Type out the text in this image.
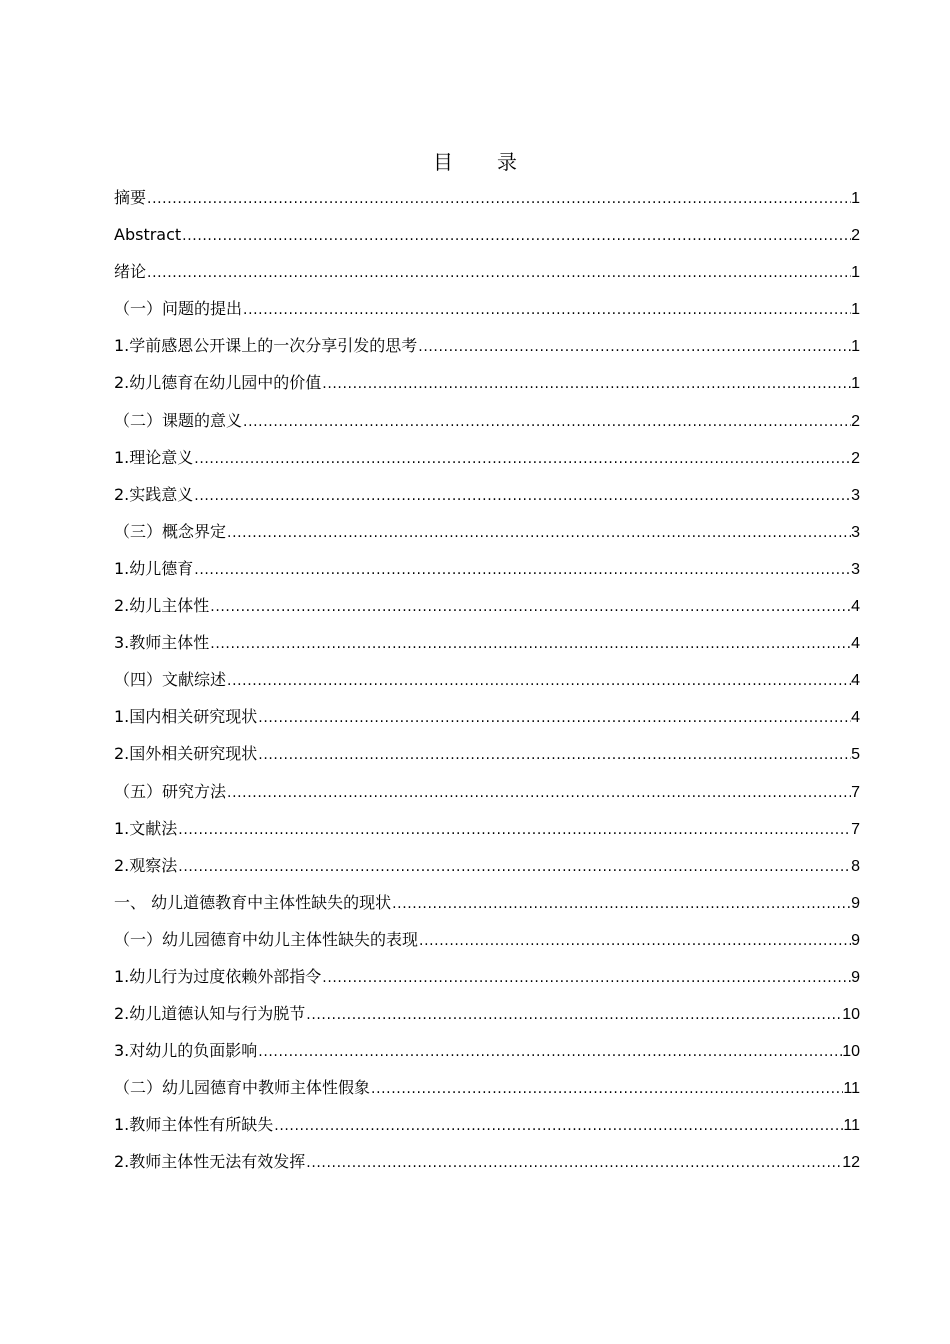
目录
摘要 .....	1
Abstract .....	2
绪论 .....	1
（一）问题的提出 .....	1
1.学前感恩公开课上的一次分享引发的思考 .....	1
2.幼儿德育在幼儿园中的价值 .....	1
（二）课题的意义 .....	2
1.理论意义 .....	2
2.实践意义 .....	3
（三）概念界定 .....	3
1.幼儿德育 .....	3
2.幼儿主体性 .....	4
3.教师主体性 .....	4
（四）文献综述 .....	4
1.国内相关研究现状 .....	4
2.国外相关研究现状 .....	5
（五）研究方法 .....	7
1.文献法 .....	7
2.观察法 .....	8
一、 幼儿道德教育中主体性缺失的现状 .....	9
（一）幼儿园德育中幼儿主体性缺失的表现 .....	9
1.幼儿行为过度依赖外部指令 .....	9
2.幼儿道德认知与行为脱节 .....	10
3.对幼儿的负面影响 .....	10
（二）幼儿园德育中教师主体性假象 .....	11
1.教师主体性有所缺失 .....	11
2.教师主体性无法有效发挥 .....	12
